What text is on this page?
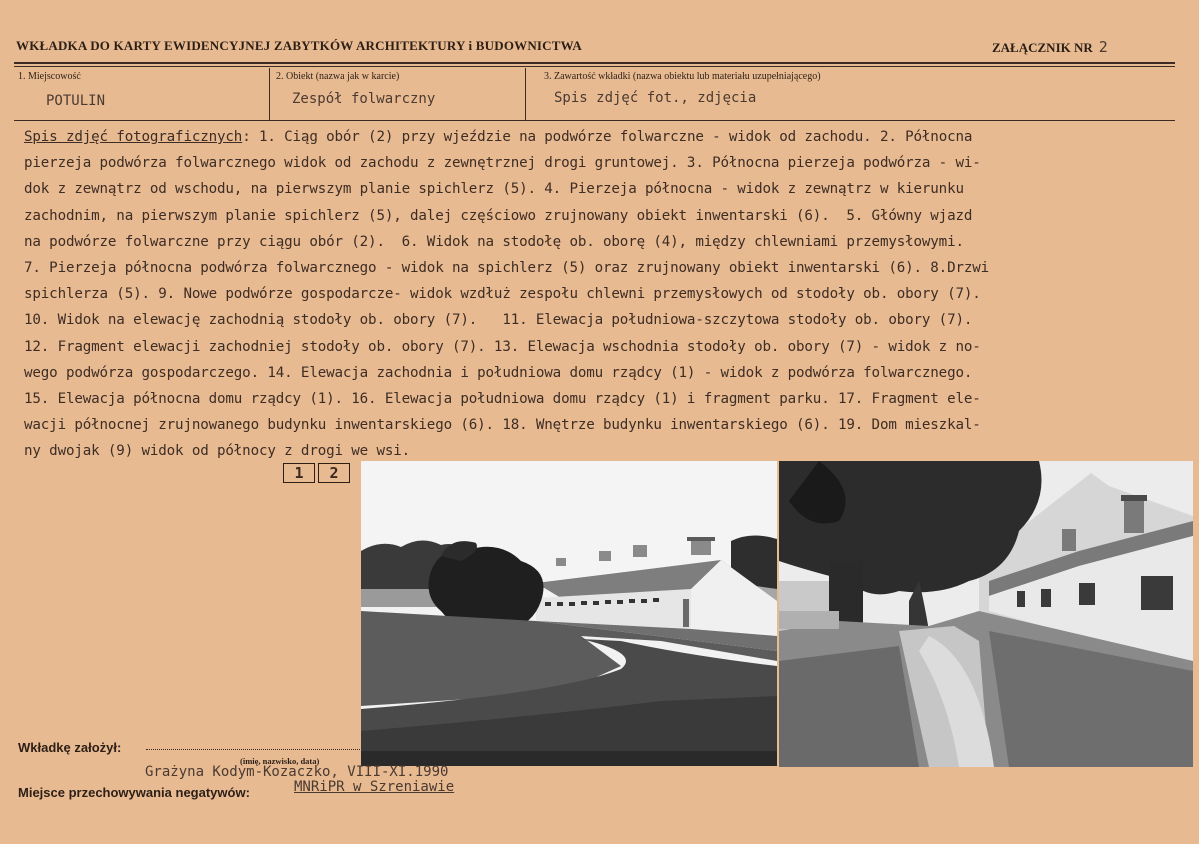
WKŁADKA DO KARTY EWIDENCYJNEJ ZABYTKÓW ARCHITEKTURY i BUDOWNICTWA	ZAŁĄCZNIK NR 2
1. Miejscowość
POTULIN
2. Obiekt (nazwa jak w karcie)
Zespół folwarczny
3. Zawartość wkładki (nazwa obiektu lub materiału uzupełniającego)
Spis zdjęć fot., zdjęcia
Spis zdjęć fotograficznych: 1. Ciąg obór (2) przy wjeździe na podwórze folwarczne - widok od zachodu. 2. Północna
pierzeja podwórza folwarcznego widok od zachodu z zewnętrznej drogi gruntowej. 3. Północna pierzeja podwórza - wi-
dok z zewnątrz od wschodu, na pierwszym planie spichlerz (5). 4. Pierzeja północna - widok z zewnątrz w kierunku
zachodnim, na pierwszym planie spichlerz (5), dalej częściowo zrujnowany obiekt inwentarski (6).  5. Główny wjazd
na podwórze folwarczne przy ciągu obór (2).  6. Widok na stodołę ob. oborę (4), między chlewniami przemysłowymi.
7. Pierzeja północna podwórza folwarcznego - widok na spichlerz (5) oraz zrujnowany obiekt inwentarski (6). 8.Drzwi
spichlerza (5). 9. Nowe podwórze gospodarcze- widok wzdłuż zespołu chlewni przemysłowych od stodoły ob. obory (7).
10. Widok na elewację zachodnią stodoły ob. obory (7).   11. Elewacja południowa-szczytowa stodoły ob. obory (7).
12. Fragment elewacji zachodniej stodoły ob. obory (7). 13. Elewacja wschodnia stodoły ob. obory (7) - widok z no-
wego podwórza gospodarczego. 14. Elewacja zachodnia i południowa domu rządcy (1) - widok z podwórza folwarcznego.
15. Elewacja północna domu rządcy (1). 16. Elewacja południowa domu rządcy (1) i fragment parku. 17. Fragment ele-
wacji północnej zrujnowanego budynku inwentarskiego (6). 18. Wnętrze budynku inwentarskiego (6). 19. Dom mieszkal-
ny dwojak (9) widok od północy z drogi we wsi.
1	2
Wkładkę założył:
(imię, nazwisko, data)
Grażyna Kodym-Kozaczko, VIII-XI.1990
Miejsce przechowywania negatywów:	MNRiPR w Szreniawie
